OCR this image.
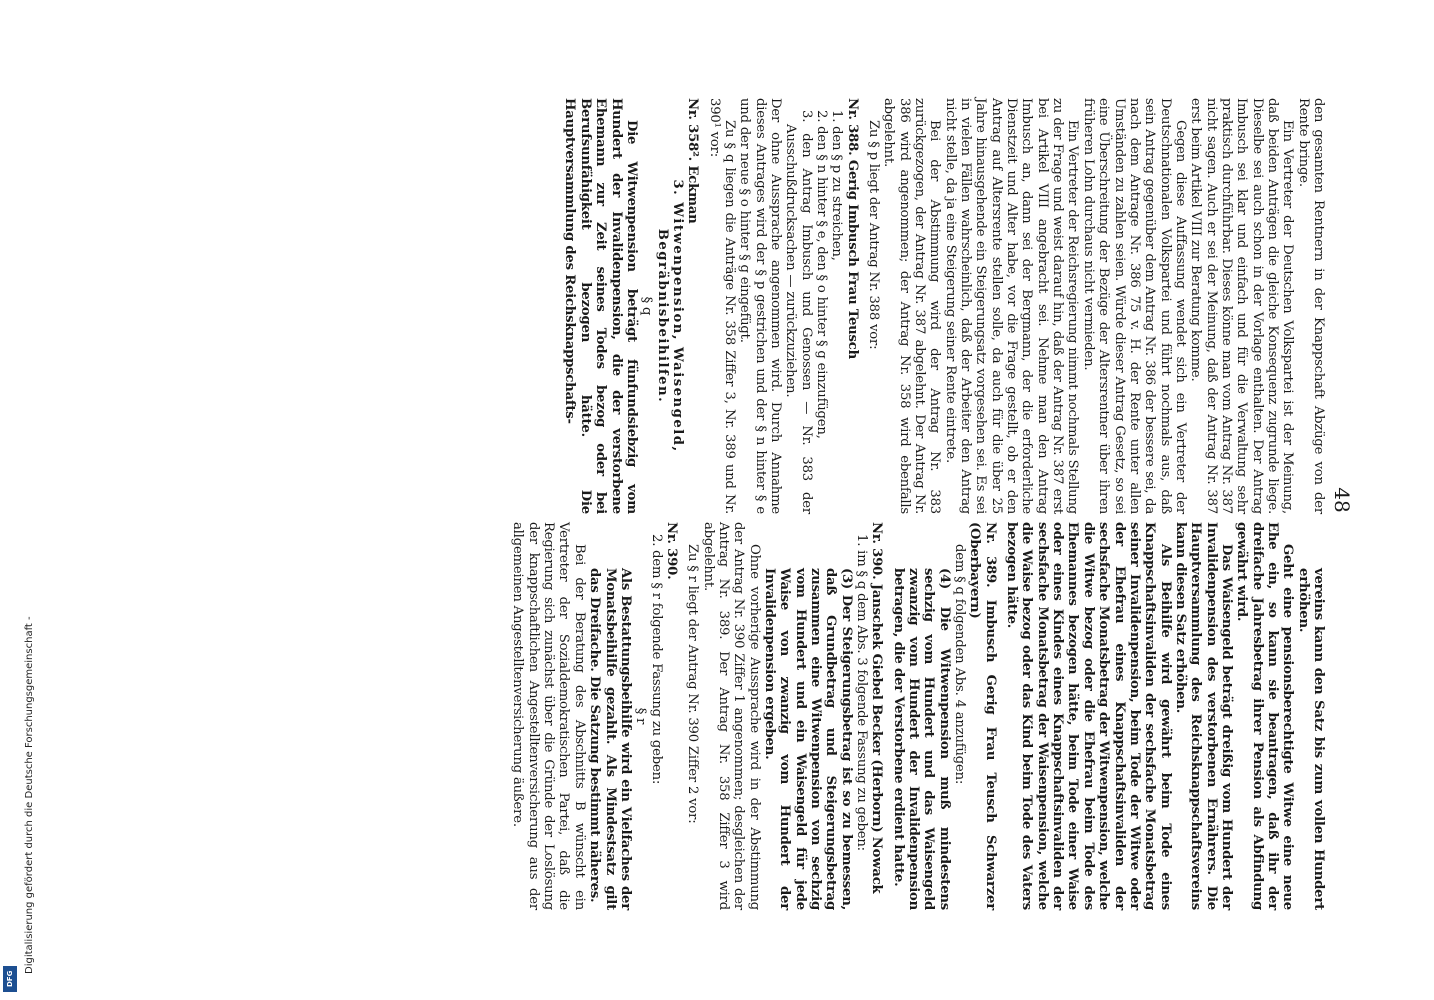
48

den gesamten Rentnern in der Knappschaft Abzüge von der Rente bringe.

Ein Vertreter der Deutschen Volkspartei ist der Meinung, daß beiden Anträgen die gleiche Konsequenz zugrunde liege. Dieselbe sei auch schon in der Vorlage enthalten. Der Antrag Imbusch sei klar und einfach und für die Verwaltung sehr praktisch durchführbar. Dieses könne man vom Antrag Nr. 387 nicht sagen. Auch er sei der Meinung, daß der Antrag Nr. 387 erst beim Artikel VIII zur Beratung komme.

Gegen diese Auffassung wendet sich ein Vertreter der Deutschnationalen Volkspartei und führt nochmals aus, daß sein Antrag gegenüber dem Antrag Nr. 386 der bessere sei, da nach dem Antrage Nr. 386 75 v. H. der Rente unter allen Umständen zu zahlen seien. Würde dieser Antrag Gesetz, so sei eine Überschreitung der Bezüge der Altersrentner über ihren früheren Lohn durchaus nicht vermieden.

Ein Vertreter der Reichsregierung nimmt nochmals Stellung zu der Frage und weist darauf hin, daß der Antrag Nr. 387 erst bei Artikel VIII angebracht sei. Nehme man den Antrag Imbusch an, dann sei der Bergmann, der die erforderliche Dienstzeit und Alter habe, vor die Frage gestellt, ob er den Antrag auf Altersrente stellen solle, da auch für die über 25 Jahre hinausgehende ein Steigerungsatz vorgesehen sei. Es sei in vielen Fällen wahrscheinlich, daß der Arbeiter den Antrag nicht stelle, da ja eine Steigerung seiner Rente eintrete.

Bei der Abstimmung wird der Antrag Nr. 383 zurückgezogen, der Antrag Nr. 387 abgelehnt. Der Antrag Nr. 386 wird angenommen; der Antrag Nr. 358 wird ebenfalls abgelehnt.

Zu § p liegt der Antrag Nr. 388 vor:

Nr. 388. Gerig Imbusch Frau Teusch

1. den § p zu streichen,

2. den § n hinter § e, den § o hinter § g einzufügen,

3. den Antrag Imbusch und Genossen — Nr. 383 der Ausschußdrucksachen — zurückzuziehen.

Der ohne Aussprache angenommen wird. Durch Annahme dieses Antrages wird der § p gestrichen und der § n hinter § e und der neue § o hinter § g eingefügt.

Zu § q liegen die Anträge Nr. 358 Ziffer 3, Nr. 389 und Nr. 390¹ vor:

Nr. 358². Eckman

3. Witwenpension, Waisengeld, Begräbnisbeihilfen.

§ q

Die Witwenpension beträgt fünfundsiebzig vom Hundert der Invalidenpension, die der verstorbene Ehemann zur Zeit seines Todes bezog oder bei Berufsunfähigkeit bezogen hätte. Die Hauptversammlung des Reichsknappschafts-

vereins kann den Satz bis zum vollen Hundert erhöhen.

Geht eine pensionsberechtigte Witwe eine neue Ehe ein, so kann sie beantragen, daß ihr der dreifache Jahresbetrag ihrer Pension als Abfindung gewährt wird.

Das Waisengeld beträgt dreißig vom Hundert der Invalidenpension des verstorbenen Ernährers. Die Hauptversammlung des Reichsknappschaftsvereins kann diesen Satz erhöhen.

Als Beihilfe wird gewährt beim Tode eines Knappschaftsinvaliden der sechsfache Monatsbetrag seiner Invalidenpension, beim Tode der Witwe oder der Ehefrau eines Knappschaftsinvaliden der sechsfache Monatsbetrag der Witwenpension, welche die Witwe bezog oder die Ehefrau beim Tode des Ehemannes bezogen hätte, beim Tode einer Waise oder eines Kindes eines Knappschaftsinvaliden der sechsfache Monatsbetrag der Waisenpension, welche die Waise bezog oder das Kind beim Tode des Vaters bezogen hätte.

Nr. 389. Imbusch Gerig Frau Teusch Schwarzer (Oberbayern)

dem § q folgenden Abs. 4 anzufügen:

(4) Die Witwenpension muß mindestens sechzig vom Hundert und das Waisengeld zwanzig vom Hundert der Invalidenpension betragen, die der Verstorbene erdient hatte.

Nr. 390. Janschek Giebel Becker (Herborn) Nowack

1. im § q dem Abs. 3 folgende Fassung zu geben:

(3) Der Steigerungsbetrag ist so zu bemessen, daß Grundbetrag und Steigerungsbetrag zusammen eine Witwenpension von sechzig vom Hundert und ein Waisengeld für jede Waise von zwanzig vom Hundert der Invalidenpension ergeben.

Ohne vorherige Aussprache wird in der Abstimmung der Antrag Nr. 390 Ziffer 1 angenommen; desgleichen der Antrag Nr. 389. Der Antrag Nr. 358 Ziffer 3 wird abgelehnt.

Zu § r liegt der Antrag Nr. 390 Ziffer 2 vor:

Nr. 390.

2. dem § r folgende Fassung zu geben:

§ r

Als Bestattungsbeihilfe wird ein Vielfaches der Monatsbeihilfe gezahlt. Als Mindestsatz gilt das Dreifache. Die Satzung bestimmt näheres.

Bei der Beratung des Abschnitts B wünscht ein Vertreter der Sozialdemokratischen Partei, daß die Regierung sich zunächst über die Gründe der Loslösung der knappschaftlichen Angestelltenversicherung aus der allgemeinen Angestelltenversicherung äußere.

Digitalisierung gefördert durch die Deutsche Forschungsgemeinschaft -
DFG
